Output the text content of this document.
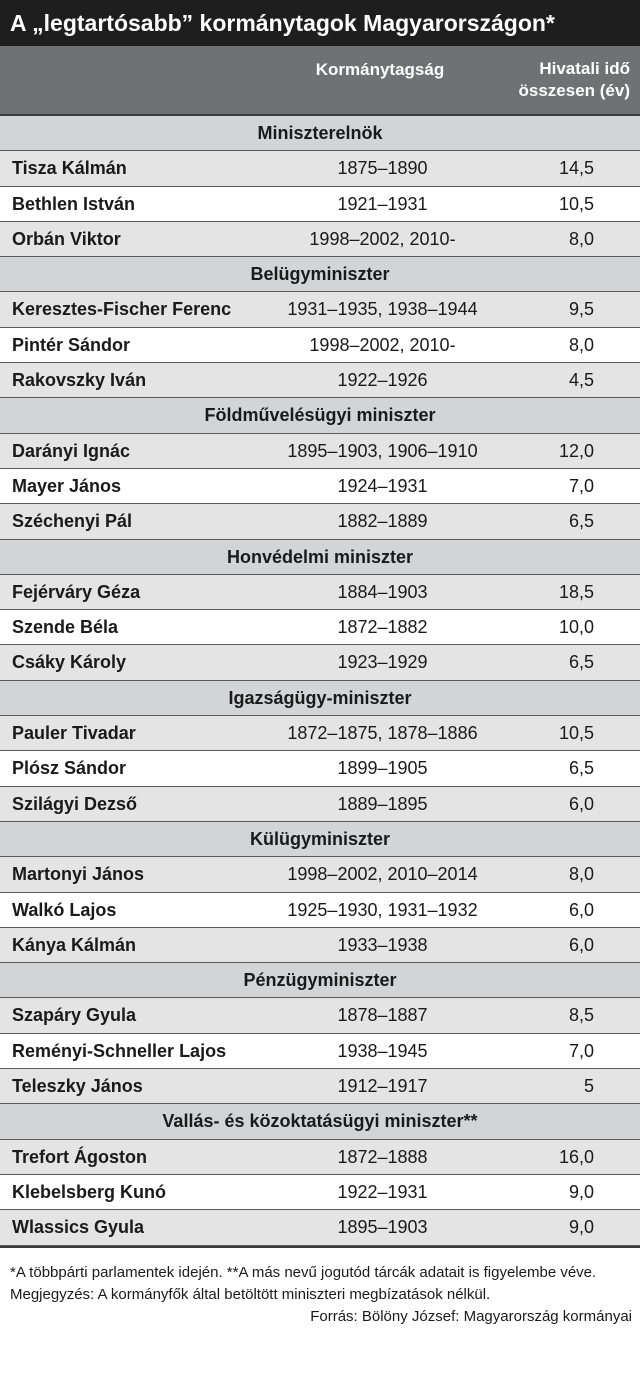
A „legtartósabb” kormánytagok Magyarországon*
Kormánytagság	Hivatali idő
összesen (év)
Miniszterelnök
Tisza Kálmán	1875–1890	14,5
Bethlen István	1921–1931	10,5
Orbán Viktor	1998–2002, 2010-	8,0
Belügyminiszter
Keresztes-Fischer Ferenc	1931–1935, 1938–1944	9,5
Pintér Sándor	1998–2002, 2010-	8,0
Rakovszky Iván	1922–1926	4,5
Földművelésügyi miniszter
Darányi Ignác	1895–1903, 1906–1910	12,0
Mayer János	1924–1931	7,0
Széchenyi Pál	1882–1889	6,5
Honvédelmi miniszter
Fejérváry Géza	1884–1903	18,5
Szende Béla	1872–1882	10,0
Csáky Károly	1923–1929	6,5
Igazságügy-miniszter
Pauler Tivadar	1872–1875, 1878–1886	10,5
Plósz Sándor	1899–1905	6,5
Szilágyi Dezső	1889–1895	6,0
Külügyminiszter
Martonyi János	1998–2002, 2010–2014	8,0
Walkó Lajos	1925–1930, 1931–1932	6,0
Kánya Kálmán	1933–1938	6,0
Pénzügyminiszter
Szapáry Gyula	1878–1887	8,5
Reményi-Schneller Lajos	1938–1945	7,0
Teleszky János	1912–1917	5
Vallás- és közoktatásügyi miniszter**
Trefort Ágoston	1872–1888	16,0
Klebelsberg Kunó	1922–1931	9,0
Wlassics Gyula	1895–1903	9,0
*A többpárti parlamentek idején. **A más nevű jogutód tárcák adatait is figyelembe véve. Megjegyzés: A kormányfők által betöltött miniszteri megbízatások nélkül.
Forrás: Bölöny József: Magyarország kormányai
